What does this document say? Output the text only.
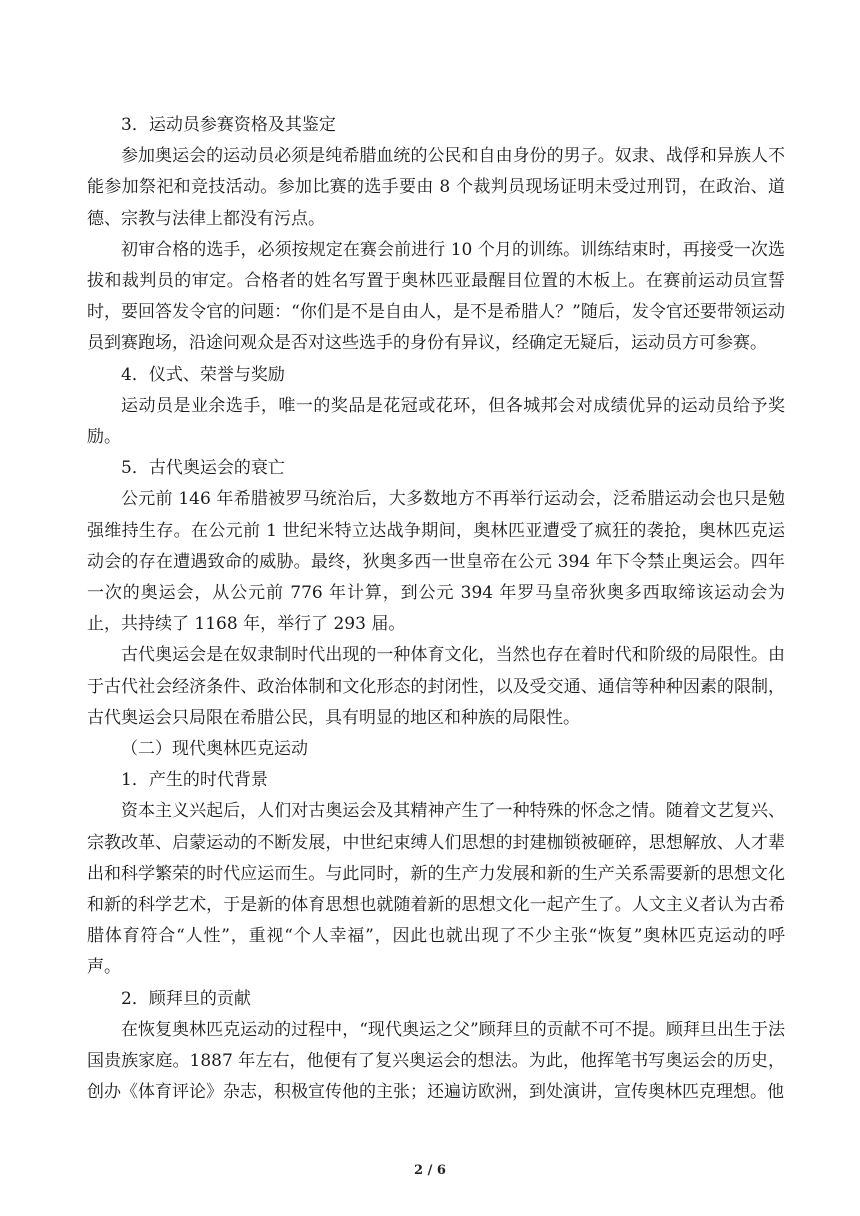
3．运动员参赛资格及其鉴定

参加奥运会的运动员必须是纯希腊血统的公民和自由身份的男子。奴隶、战俘和异族人不能参加祭祀和竞技活动。参加比赛的选手要由 8 个裁判员现场证明未受过刑罚，在政治、道德、宗教与法律上都没有污点。

初审合格的选手，必须按规定在赛会前进行 10 个月的训练。训练结束时，再接受一次选拔和裁判员的审定。合格者的姓名写置于奥林匹亚最醒目位置的木板上。在赛前运动员宣誓时，要回答发令官的问题：“你们是不是自由人，是不是希腊人？”随后，发令官还要带领运动员到赛跑场，沿途问观众是否对这些选手的身份有异议，经确定无疑后，运动员方可参赛。

4．仪式、荣誉与奖励

运动员是业余选手，唯一的奖品是花冠或花环，但各城邦会对成绩优异的运动员给予奖励。

5．古代奥运会的衰亡

公元前 146 年希腊被罗马统治后，大多数地方不再举行运动会，泛希腊运动会也只是勉强维持生存。在公元前 1 世纪米特立达战争期间，奥林匹亚遭受了疯狂的袭抢，奥林匹克运动会的存在遭遇致命的威胁。最终，狄奥多西一世皇帝在公元 394 年下令禁止奥运会。四年一次的奥运会，从公元前 776 年计算，到公元 394 年罗马皇帝狄奥多西取缔该运动会为止，共持续了 1168 年，举行了 293 届。

古代奥运会是在奴隶制时代出现的一种体育文化，当然也存在着时代和阶级的局限性。由于古代社会经济条件、政治体制和文化形态的封闭性，以及受交通、通信等种种因素的限制，古代奥运会只局限在希腊公民，具有明显的地区和种族的局限性。

（二）现代奥林匹克运动

1．产生的时代背景

资本主义兴起后，人们对古奥运会及其精神产生了一种特殊的怀念之情。随着文艺复兴、宗教改革、启蒙运动的不断发展，中世纪束缚人们思想的封建枷锁被砸碎，思想解放、人才辈出和科学繁荣的时代应运而生。与此同时，新的生产力发展和新的生产关系需要新的思想文化和新的科学艺术，于是新的体育思想也就随着新的思想文化一起产生了。人文主义者认为古希腊体育符合“人性”，重视“个人幸福”，因此也就出现了不少主张“恢复”奥林匹克运动的呼声。

2．顾拜旦的贡献

在恢复奥林匹克运动的过程中，“现代奥运之父”顾拜旦的贡献不可不提。顾拜旦出生于法国贵族家庭。1887 年左右，他便有了复兴奥运会的想法。为此，他挥笔书写奥运会的历史，创办《体育评论》杂志，积极宣传他的主张；还遍访欧洲，到处演讲，宣传奥林匹克理想。他

2 / 6
